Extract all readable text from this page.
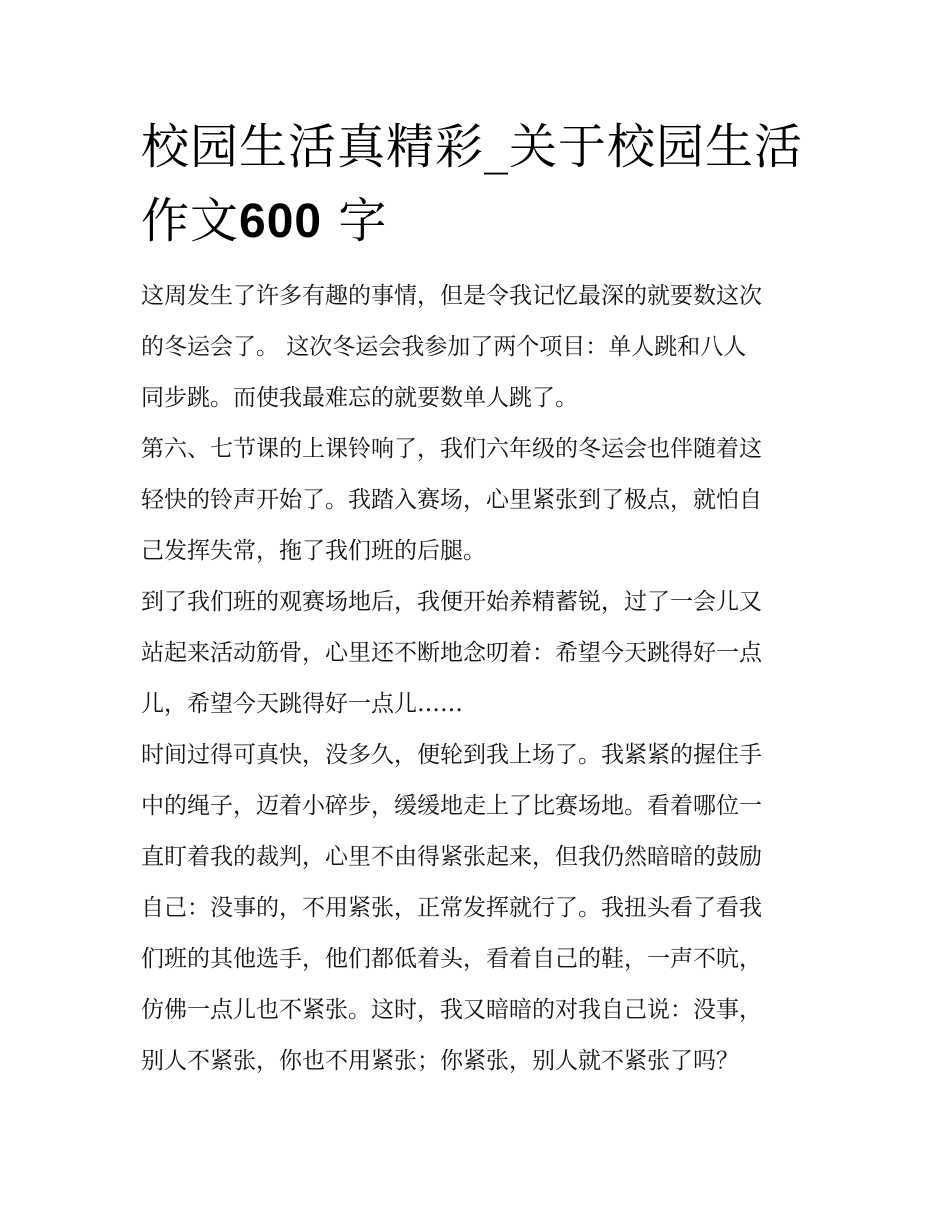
校园生活真精彩_关于校园生活
作文600 字

这周发生了许多有趣的事情，但是令我记忆最深的就要数这次
的冬运会了。 这次冬运会我参加了两个项目：单人跳和八人
同步跳。而使我最难忘的就要数单人跳了。

第六、七节课的上课铃响了，我们六年级的冬运会也伴随着这
轻快的铃声开始了。我踏入赛场，心里紧张到了极点，就怕自
己发挥失常，拖了我们班的后腿。

到了我们班的观赛场地后，我便开始养精蓄锐，过了一会儿又
站起来活动筋骨，心里还不断地念叨着：希望今天跳得好一点
儿，希望今天跳得好一点儿……

时间过得可真快，没多久，便轮到我上场了。我紧紧的握住手
中的绳子，迈着小碎步，缓缓地走上了比赛场地。看着哪位一
直盯着我的裁判，心里不由得紧张起来，但我仍然暗暗的鼓励
自己：没事的，不用紧张，正常发挥就行了。我扭头看了看我
们班的其他选手，他们都低着头，看着自己的鞋，一声不吭，
仿佛一点儿也不紧张。这时，我又暗暗的对我自己说：没事，
别人不紧张，你也不用紧张；你紧张，别人就不紧张了吗？
